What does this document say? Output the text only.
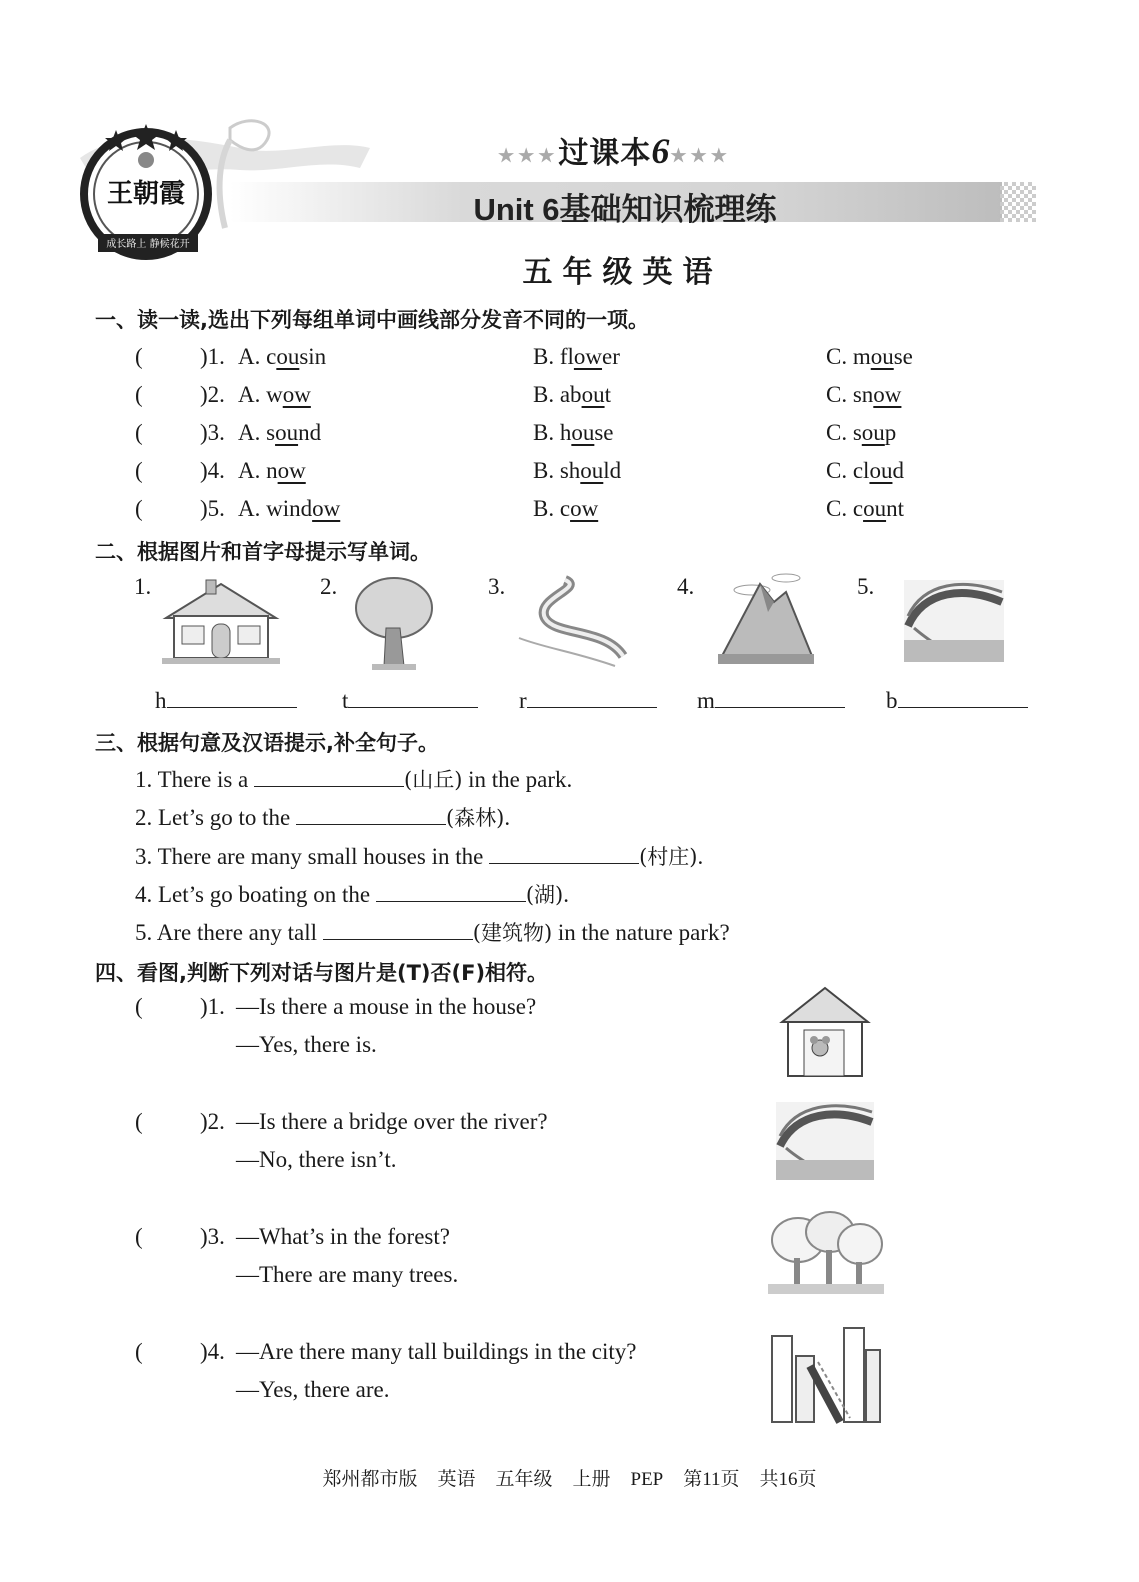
王朝霞
成长路上 静候花开
★★★过课本6★★★
Unit 6基础知识梳理练
五年级英语
一、读一读,选出下列每组单词中画线部分发音不同的一项。
( )1. A. cousin	B. flower	C. mouse
( )2. A. wow	B. about	C. snow
( )3. A. sound	B. house	C. soup
( )4. A. now	B. should	C. cloud
( )5. A. window	B. cow	C. count
二、根据图片和首字母提示写单词。
1.	2.	3.	4.	5.
h	t	r	m	b
三、根据句意及汉语提示,补全句子。
1. There is a	(山丘) in the park.
2. Let’s go to the	(森林).
3. There are many small houses in the	(村庄).
4. Let’s go boating on the	(湖).
5. Are there any tall	(建筑物) in the nature park?
四、看图,判断下列对话与图片是(T)否(F)相符。
( )1. —Is there a mouse in the house?
—Yes, there is.
( )2. —Is there a bridge over the river?
—No, there isn’t.
( )3. —What’s in the forest?
—There are many trees.
( )4. —Are there many tall buildings in the city?
—Yes, there are.
郑州都市版 英语 五年级 上册 PEP 第11页 共16页
